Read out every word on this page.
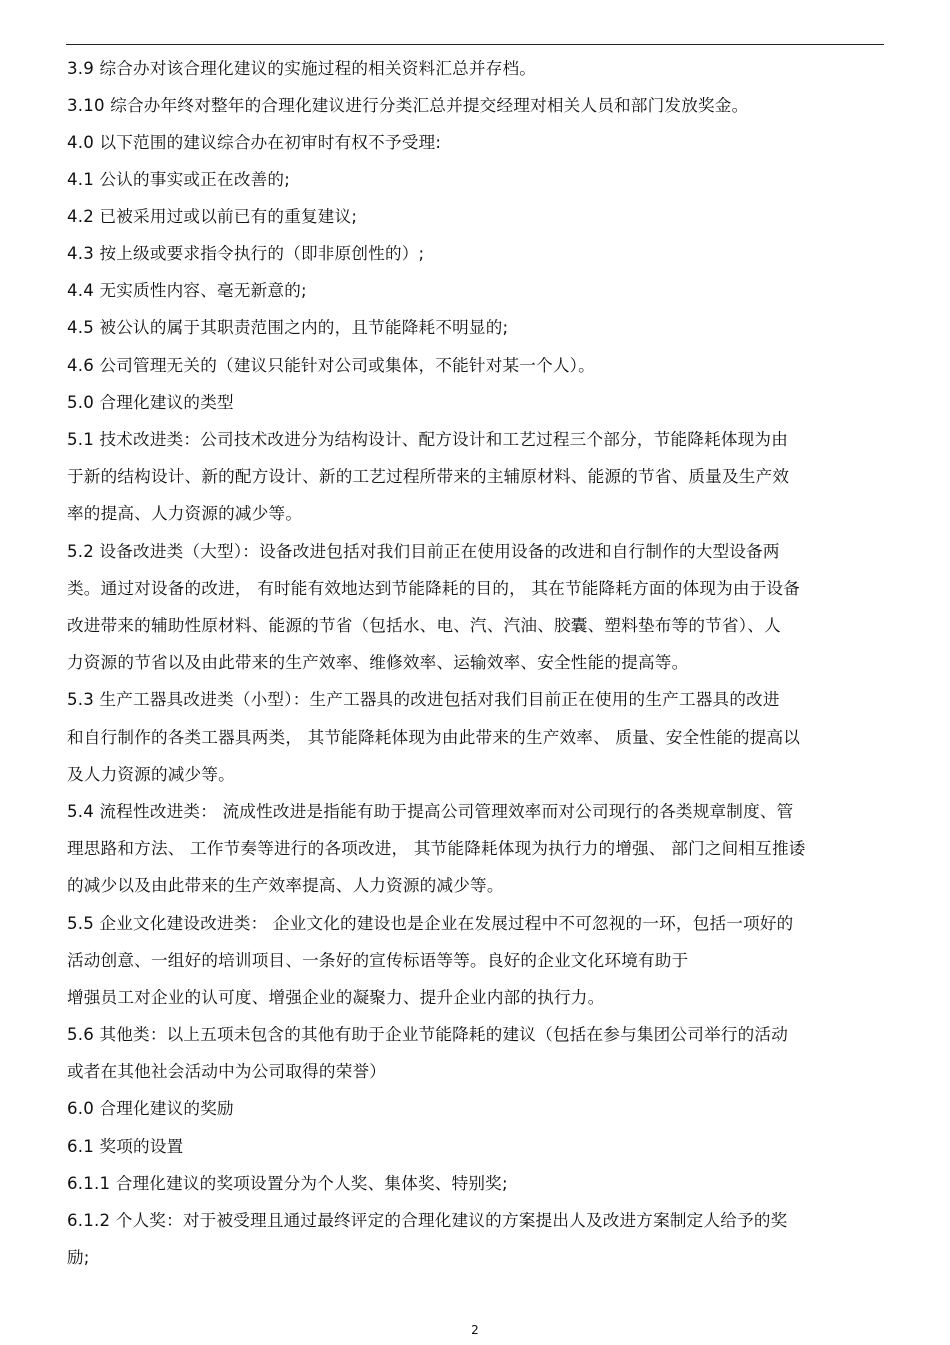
3.9 综合办对该合理化建议的实施过程的相关资料汇总并存档。
3.10 综合办年终对整年的合理化建议进行分类汇总并提交经理对相关人员和部门发放奖金。
4.0 以下范围的建议综合办在初审时有权不予受理:
4.1 公认的事实或正在改善的;
4.2 已被采用过或以前已有的重复建议;
4.3 按上级或要求指令执行的（即非原创性的）;
4.4 无实质性内容、毫无新意的;
4.5 被公认的属于其职责范围之内的，且节能降耗不明显的;
4.6 公司管理无关的（建议只能针对公司或集体，不能针对某一个人）。
5.0 合理化建议的类型
5.1 技术改进类：公司技术改进分为结构设计、配方设计和工艺过程三个部分，节能降耗体现为由
于新的结构设计、新的配方设计、新的工艺过程所带来的主辅原材料、能源的节省、质量及生产效
率的提高、人力资源的减少等。
5.2 设备改进类（大型）：设备改进包括对我们目前正在使用设备的改进和自行制作的大型设备两
类。通过对设备的改进， 有时能有效地达到节能降耗的目的， 其在节能降耗方面的体现为由于设备
改进带来的辅助性原材料、能源的节省（包括水、电、汽、汽油、胶囊、塑料垫布等的节省）、人
力资源的节省以及由此带来的生产效率、维修效率、运输效率、安全性能的提高等。
5.3 生产工器具改进类（小型）：生产工器具的改进包括对我们目前正在使用的生产工器具的改进
和自行制作的各类工器具两类， 其节能降耗体现为由此带来的生产效率、 质量、安全性能的提高以
及人力资源的减少等。
5.4 流程性改进类： 流成性改进是指能有助于提高公司管理效率而对公司现行的各类规章制度、管
理思路和方法、 工作节奏等进行的各项改进， 其节能降耗体现为执行力的增强、 部门之间相互推诿
的减少以及由此带来的生产效率提高、人力资源的减少等。
5.5 企业文化建设改进类： 企业文化的建设也是企业在发展过程中不可忽视的一环，包括一项好的
活动创意、一组好的培训项目、一条好的宣传标语等等。良好的企业文化环境有助于
增强员工对企业的认可度、增强企业的凝聚力、提升企业内部的执行力。
5.6 其他类：以上五项未包含的其他有助于企业节能降耗的建议（包括在参与集团公司举行的活动
或者在其他社会活动中为公司取得的荣誉）
6.0 合理化建议的奖励
6.1 奖项的设置
6.1.1 合理化建议的奖项设置分为个人奖、集体奖、特别奖;
6.1.2 个人奖：对于被受理且通过最终评定的合理化建议的方案提出人及改进方案制定人给予的奖
励;
2
